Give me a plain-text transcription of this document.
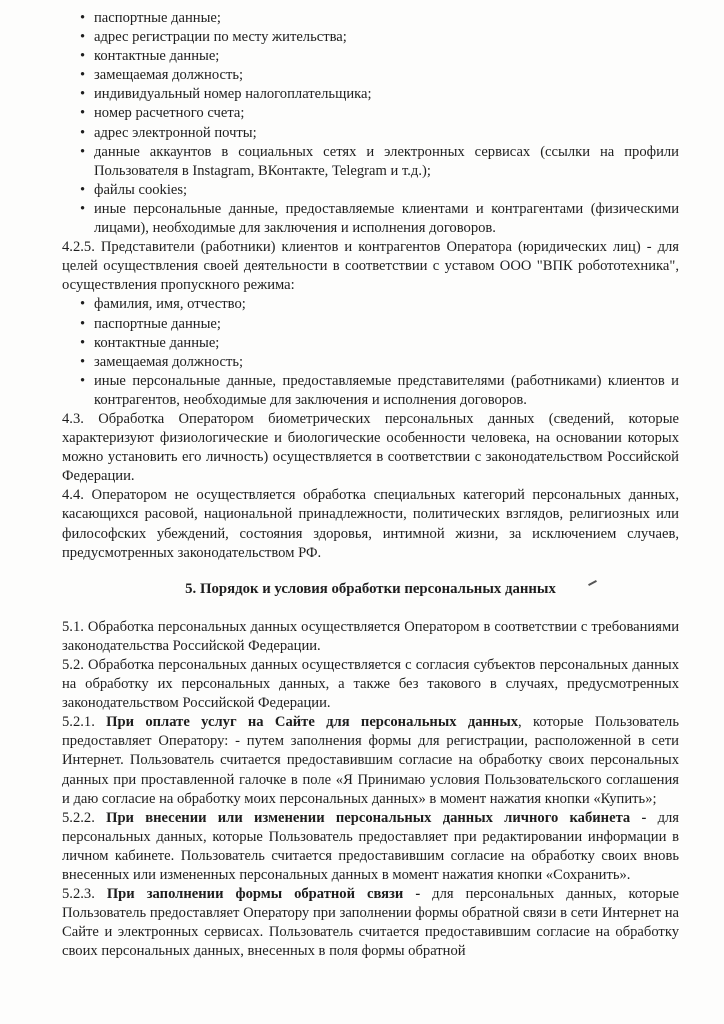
• паспортные данные;
• адрес регистрации по месту жительства;
• контактные данные;
• замещаемая должность;
• индивидуальный номер налогоплательщика;
• номер расчетного счета;
• адрес электронной почты;
• данные аккаунтов в социальных сетях и электронных сервисах (ссылки на профили Пользователя в Instagram, ВКонтакте, Telegram и т.д.);
• файлы cookies;
• иные персональные данные, предоставляемые клиентами и контрагентами (физическими лицами), необходимые для заключения и исполнения договоров.

4.2.5. Представители (работники) клиентов и контрагентов Оператора (юридических лиц) - для целей осуществления своей деятельности в соответствии с уставом ООО "ВПК робототехника", осуществления пропускного режима:

• фамилия, имя, отчество;
• паспортные данные;
• контактные данные;
• замещаемая должность;
• иные персональные данные, предоставляемые представителями (работниками) клиентов и контрагентов, необходимые для заключения и исполнения договоров.

4.3. Обработка Оператором биометрических персональных данных (сведений, которые характеризуют физиологические и биологические особенности человека, на основании которых можно установить его личность) осуществляется в соответствии с законодательством Российской Федерации.

4.4. Оператором не осуществляется обработка специальных категорий персональных данных, касающихся расовой, национальной принадлежности, политических взглядов, религиозных или философских убеждений, состояния здоровья, интимной жизни, за исключением случаев, предусмотренных законодательством РФ.

5. Порядок и условия обработки персональных данных

5.1. Обработка персональных данных осуществляется Оператором в соответствии с требованиями законодательства Российской Федерации.

5.2. Обработка персональных данных осуществляется с согласия субъектов персональных данных на обработку их персональных данных, а также без такового в случаях, предусмотренных законодательством Российской Федерации.

5.2.1. При оплате услуг на Сайте для персональных данных, которые Пользователь предоставляет Оператору: - путем заполнения формы для регистрации, расположенной в сети Интернет. Пользователь считается предоставившим согласие на обработку своих персональных данных при проставленной галочке в поле «Я Принимаю условия Пользовательского соглашения и даю согласие на обработку моих персональных данных» в момент нажатия кнопки «Купить»;

5.2.2. При внесении или изменении персональных данных личного кабинета - для персональных данных, которые Пользователь предоставляет при редактировании информации в личном кабинете. Пользователь считается предоставившим согласие на обработку своих вновь внесенных или измененных персональных данных в момент нажатия кнопки «Сохранить».

5.2.3. При заполнении формы обратной связи - для персональных данных, которые Пользователь предоставляет Оператору при заполнении формы обратной связи в сети Интернет на Сайте и электронных сервисах. Пользователь считается предоставившим согласие на обработку своих персональных данных, внесенных в поля формы обратной
